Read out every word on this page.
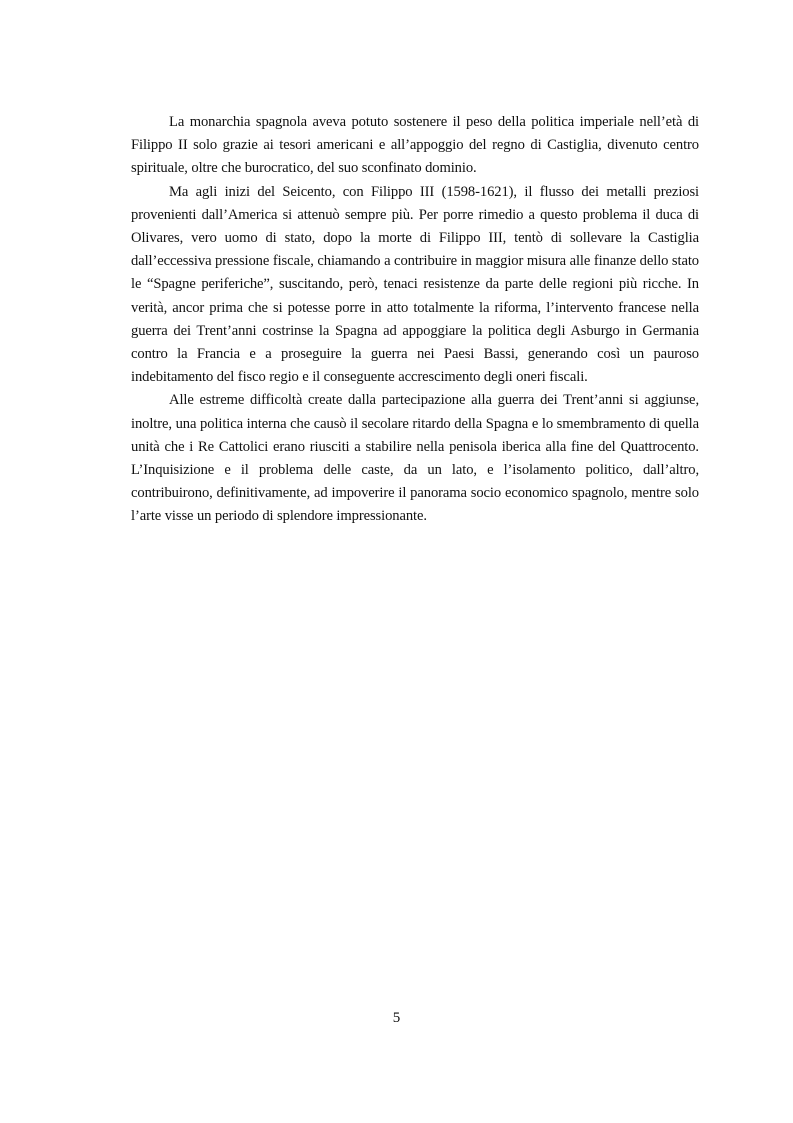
La monarchia spagnola aveva potuto sostenere il peso della politica imperiale nell’età di Filippo II solo grazie ai tesori americani e all’appoggio del regno di Castiglia, divenuto centro spirituale, oltre che burocratico, del suo sconfinato dominio.

Ma agli inizi del Seicento, con Filippo III (1598-1621), il flusso dei metalli preziosi provenienti dall’America si attenuò sempre più. Per porre rimedio a questo problema il duca di Olivares, vero uomo di stato, dopo la morte di Filippo III, tentò di sollevare la Castiglia dall’eccessiva pressione fiscale, chiamando a contribuire in maggior misura alle finanze dello stato le “Spagne periferiche”, suscitando, però, tenaci resistenze da parte delle regioni più ricche. In verità, ancor prima che si potesse porre in atto totalmente la riforma, l’intervento francese nella guerra dei Trent’anni costrinse la Spagna ad appoggiare la politica degli Asburgo in Germania contro la Francia e a proseguire la guerra nei Paesi Bassi, generando così un pauroso indebitamento del fisco regio e il conseguente accrescimento degli oneri fiscali.

Alle estreme difficoltà create dalla partecipazione alla guerra dei Trent’anni si aggiunse, inoltre, una politica interna che causò il secolare ritardo della Spagna e lo smembramento di quella unità che i Re Cattolici erano riusciti a stabilire nella penisola iberica alla fine del Quattrocento. L’Inquisizione e il problema delle caste, da un lato, e l’isolamento politico, dall’altro, contribuirono, definitivamente, ad impoverire il panorama socio economico spagnolo, mentre solo l’arte visse un periodo di splendore impressionante.

5
